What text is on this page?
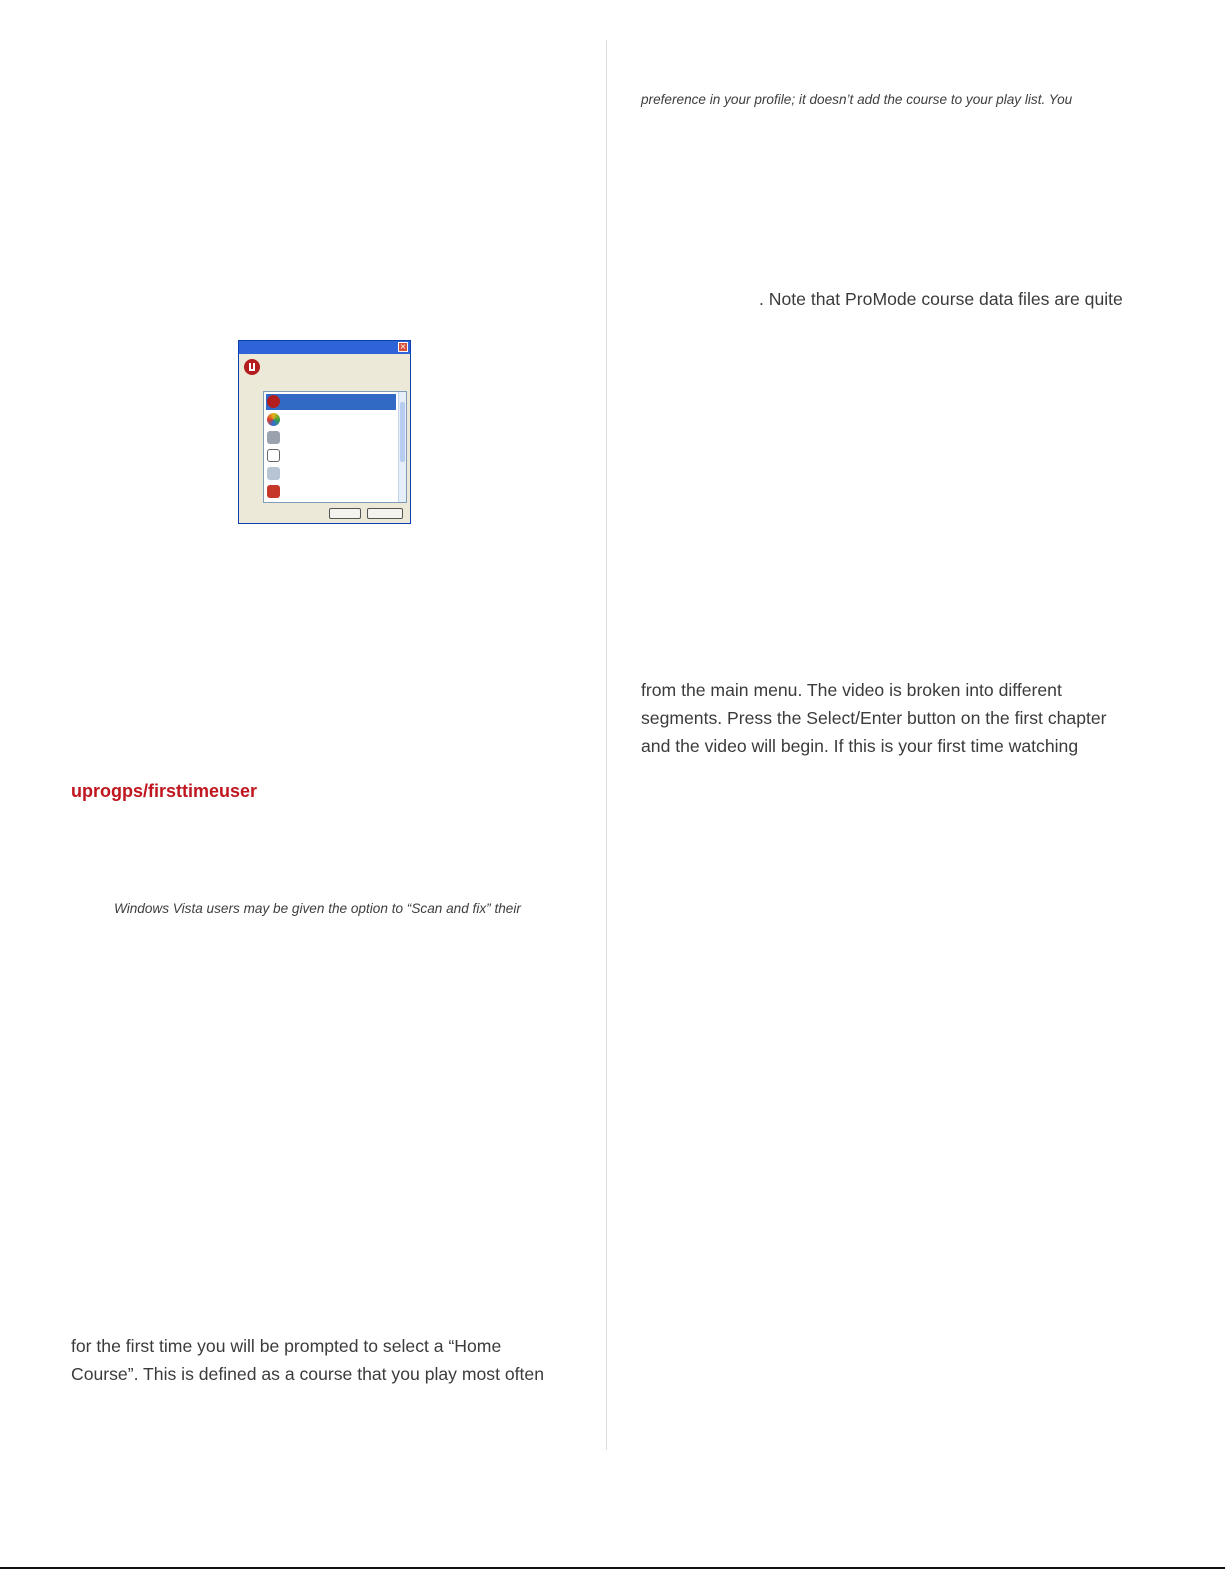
preference in your profile; it doesn’t add the course to your play list. You
. Note that ProMode course data files are quite
×
from the main menu. The video is broken into different
segments. Press the Select/Enter button on the first chapter
and the video will begin. If this is your first time watching
uprogps/firsttimeuser
Windows Vista users may be given the option to “Scan and fix” their
for the first time you will be prompted to select a “Home
Course”. This is defined as a course that you play most often
